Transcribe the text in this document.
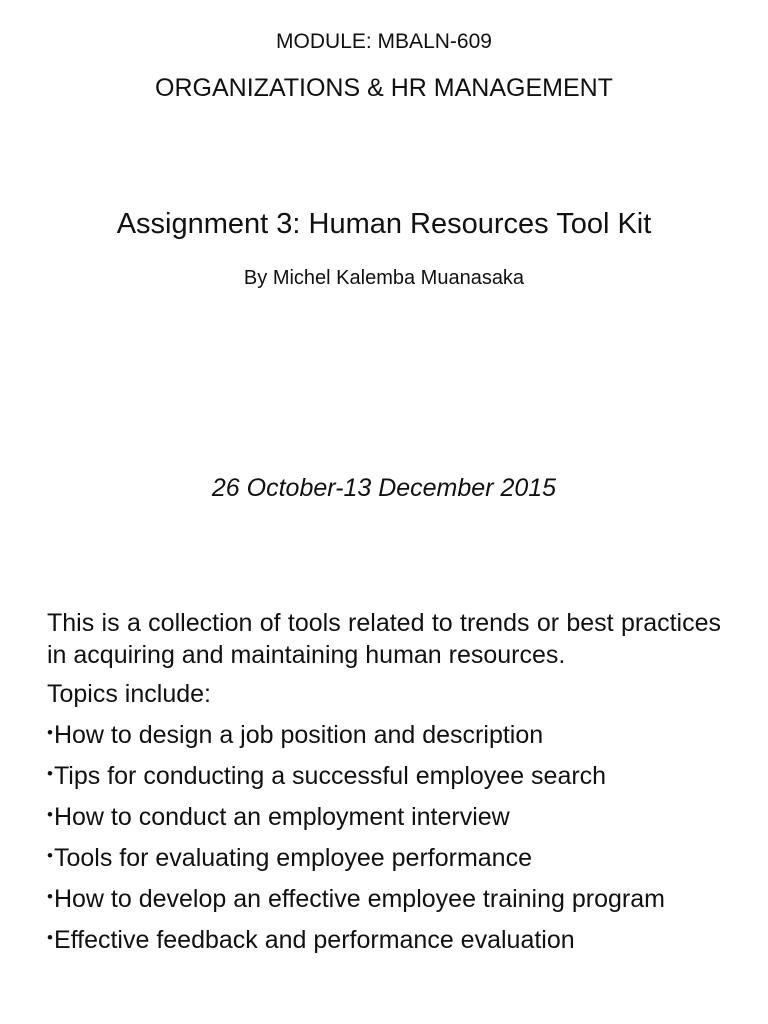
MODULE: MBALN-609
ORGANIZATIONS & HR MANAGEMENT
Assignment 3: Human Resources Tool Kit
By Michel Kalemba Muanasaka
26 October-13 December 2015

This is a collection of tools related to trends or best practices in acquiring and maintaining human resources.

Topics include:
•How to design a job position and description
•Tips for conducting a successful employee search
•How to conduct an employment interview
•Tools for evaluating employee performance
•How to develop an effective employee training program
•Effective feedback and performance evaluation
